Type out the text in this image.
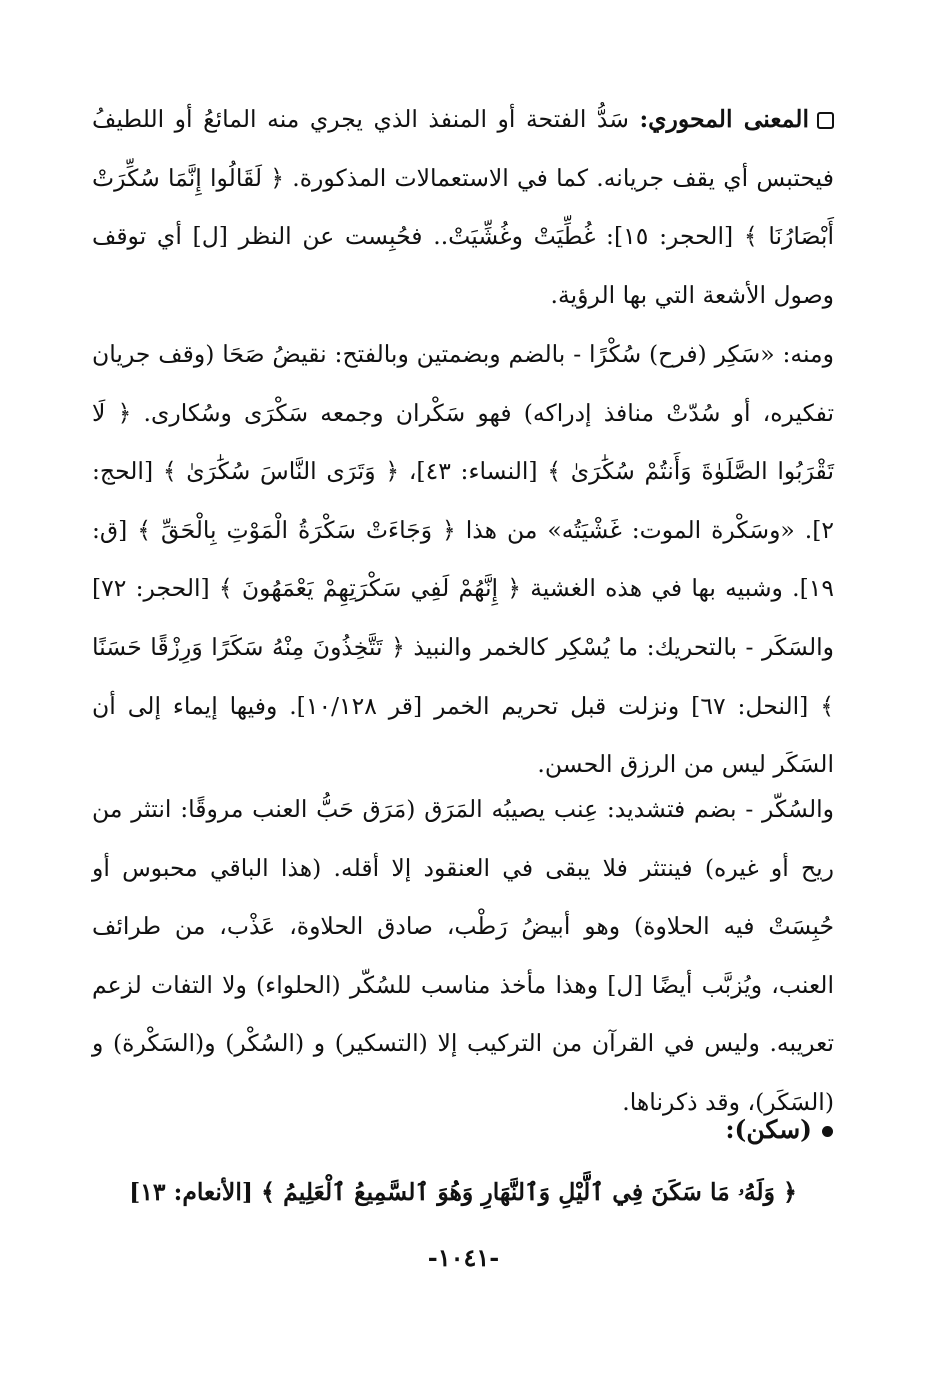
المعنى المحوري: سَدُّ الفتحة أو المنفذ الذي يجري منه المائعُ أو اللطيفُ فيحتبس أي يقف جريانه. كما في الاستعمالات المذكورة. ﴿ لَقَالُوا إِنَّمَا سُكِّرَتْ أَبْصَارُنَا ﴾ [الحجر: ١٥]: غُطِّيَتْ وغُشِّيَتْ.. فحُبِست عن النظر [ل] أي توقف وصول الأشعة التي بها الرؤية.

ومنه: «سَكِر (فرح) سُكْرًا - بالضم وبضمتين وبالفتح: نقيضُ صَحَا (وقف جريان تفكيره، أو سُدّتْ منافذ إدراكه) فهو سَكْران وجمعه سَكْرَى وسُكارى. ﴿ لَا تَقْرَبُوا الصَّلَوٰةَ وَأَنتُمْ سُكَٰرَىٰ ﴾ [النساء: ٤٣]، ﴿ وَتَرَى النَّاسَ سُكَٰرَىٰ ﴾ [الحج: ٢]. «وسَكْرة الموت: غَشْيَتُه» من هذا ﴿ وَجَاءَتْ سَكْرَةُ الْمَوْتِ بِالْحَقِّ ﴾ [ق: ١٩]. وشبيه بها في هذه الغشية ﴿ إِنَّهُمْ لَفِي سَكْرَتِهِمْ يَعْمَهُونَ ﴾ [الحجر: ٧٢] والسَكَر - بالتحريك: ما يُسْكِر كالخمر والنبيذ ﴿ تَتَّخِذُونَ مِنْهُ سَكَرًا وَرِزْقًا حَسَنًا ﴾ [النحل: ٦٧] ونزلت قبل تحريم الخمر [قر ١٠/١٢٨]. وفيها إيماء إلى أن السَكَر ليس من الرزق الحسن.

والسُكّر - بضم فتشديد: عِنب يصيبُه المَرَق (مَرَق حَبُّ العنب مروقًا: انتثر من ريح أو غيره) فينتثر فلا يبقى في العنقود إلا أقله. (هذا الباقي محبوس أو حُبِسَتْ فيه الحلاوة) وهو أبيضُ رَطْب، صادق الحلاوة، عَذْب، من طرائف العنب، ويُزبَّب أيضًا [ل] وهذا مأخذ مناسب للسُكّر (الحلواء) ولا التفات لزعم تعريبه. وليس في القرآن من التركيب إلا (التسكير) و (السُكْر) و(السَكْرة) و (السَكَر)، وقد ذكرناها.

(سكن):
﴿ وَلَهُۥ مَا سَكَنَ فِي ٱلَّيْلِ وَٱلنَّهَارِ وَهُوَ ٱلسَّمِيعُ ٱلْعَلِيمُ ﴾ [الأنعام: ١٣]
-١٠٤١-
